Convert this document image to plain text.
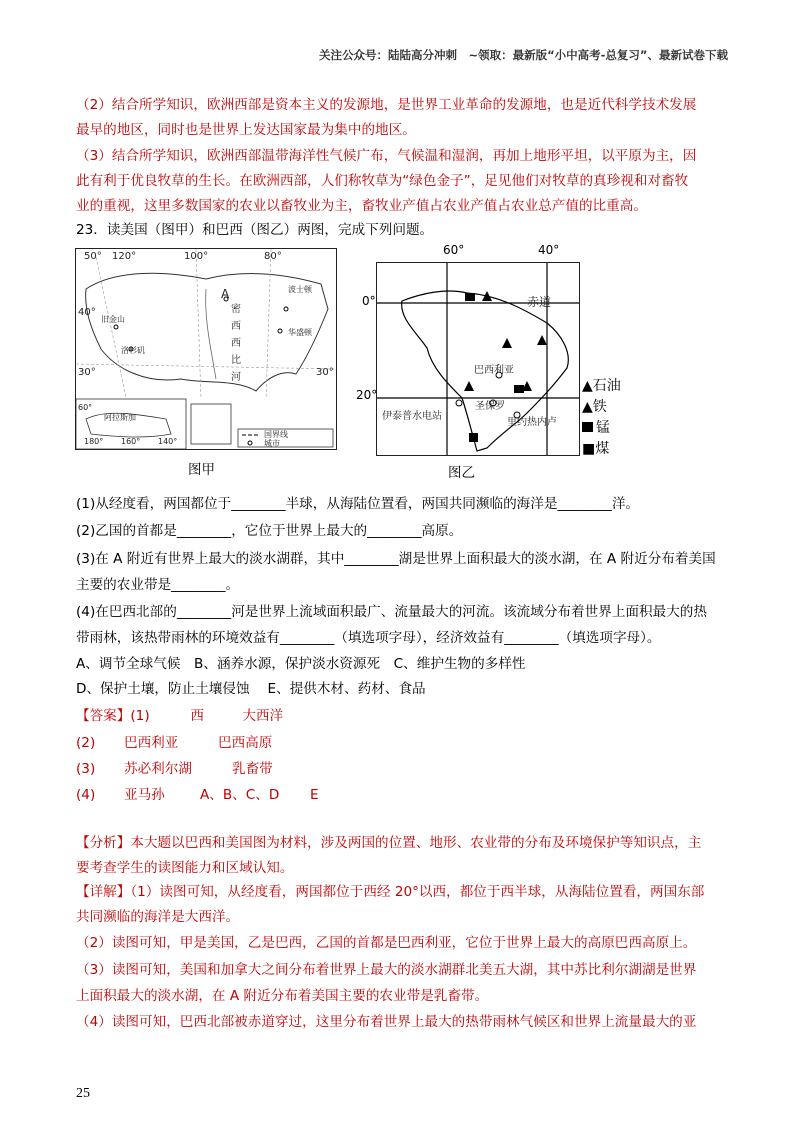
关注公众号：陆陆高分冲刺　~领取：最新版“小中高考-总复习”、最新试卷下载
（2）结合所学知识，欧洲西部是资本主义的发源地，是世界工业革命的发源地，也是近代科学技术发展
最早的地区，同时也是世界上发达国家最为集中的地区。
（3）结合所学知识，欧洲西部温带海洋性气候广布，气候温和湿润，再加上地形平坦，以平原为主，因
此有利于优良牧草的生长。在欧洲西部，人们称牧草为“绿色金子”，足见他们对牧草的真珍视和对畜牧
业的重视，这里多数国家的农业以畜牧业为主，畜牧业产值占农业产值占农业总产值的比重高。
23．读美国（图甲）和巴西（图乙）两图，完成下列问题。
50° 120°	100°	80°
40°
30°	30°
A
密西西比河
旧金山
洛杉矶
波士顿
华盛顿
阿拉斯加
60°
180° 160° 140°
国界线
城市
图甲
赤道
巴西利亚
圣保罗
里约热内卢
伊泰普水电站
60°	40°
0°
20°
▲石油
▲铁
锰
■煤
图乙
(1)从经度看，两国都位于________半球，从海陆位置看，两国共同濒临的海洋是________洋。
(2)乙国的首都是________，它位于世界上最大的________高原。
(3)在 A 附近有世界上最大的淡水湖群，其中________湖是世界上面积最大的淡水湖，在 A 附近分布着美国
主要的农业带是________。
(4)在巴西北部的________河是世界上流域面积最广、流量最大的河流。该流域分布着世界上面积最大的热
带雨林，该热带雨林的环境效益有________（填选项字母），经济效益有________（填选项字母）。
A、调节全球气候　B、涵养水源，保护淡水资源死　C、维护生物的多样性
D、保护土壤，防止土壤侵蚀　 E、提供木材、药材、食品
【答案】(1)	西	大西洋
(2) 巴西利亚	巴西高原
(3) 苏必利尔湖	乳畜带
(4) 亚马孙	A、B、C、D E
【分析】本大题以巴西和美国图为材料，涉及两国的位置、地形、农业带的分布及环境保护等知识点，主
要考查学生的读图能力和区域认知。
【详解】（1）读图可知，从经度看，两国都位于西经 20°以西，都位于西半球，从海陆位置看，两国东部
共同濒临的海洋是大西洋。
（2）读图可知，甲是美国，乙是巴西，乙国的首都是巴西利亚，它位于世界上最大的高原巴西高原上。
（3）读图可知，美国和加拿大之间分布着世界上最大的淡水湖群北美五大湖，其中苏比利尔湖湖是世界
上面积最大的淡水湖，在 A 附近分布着美国主要的农业带是乳畜带。
（4）读图可知，巴西北部被赤道穿过，这里分布着世界上最大的热带雨林气候区和世界上流量最大的亚
25
